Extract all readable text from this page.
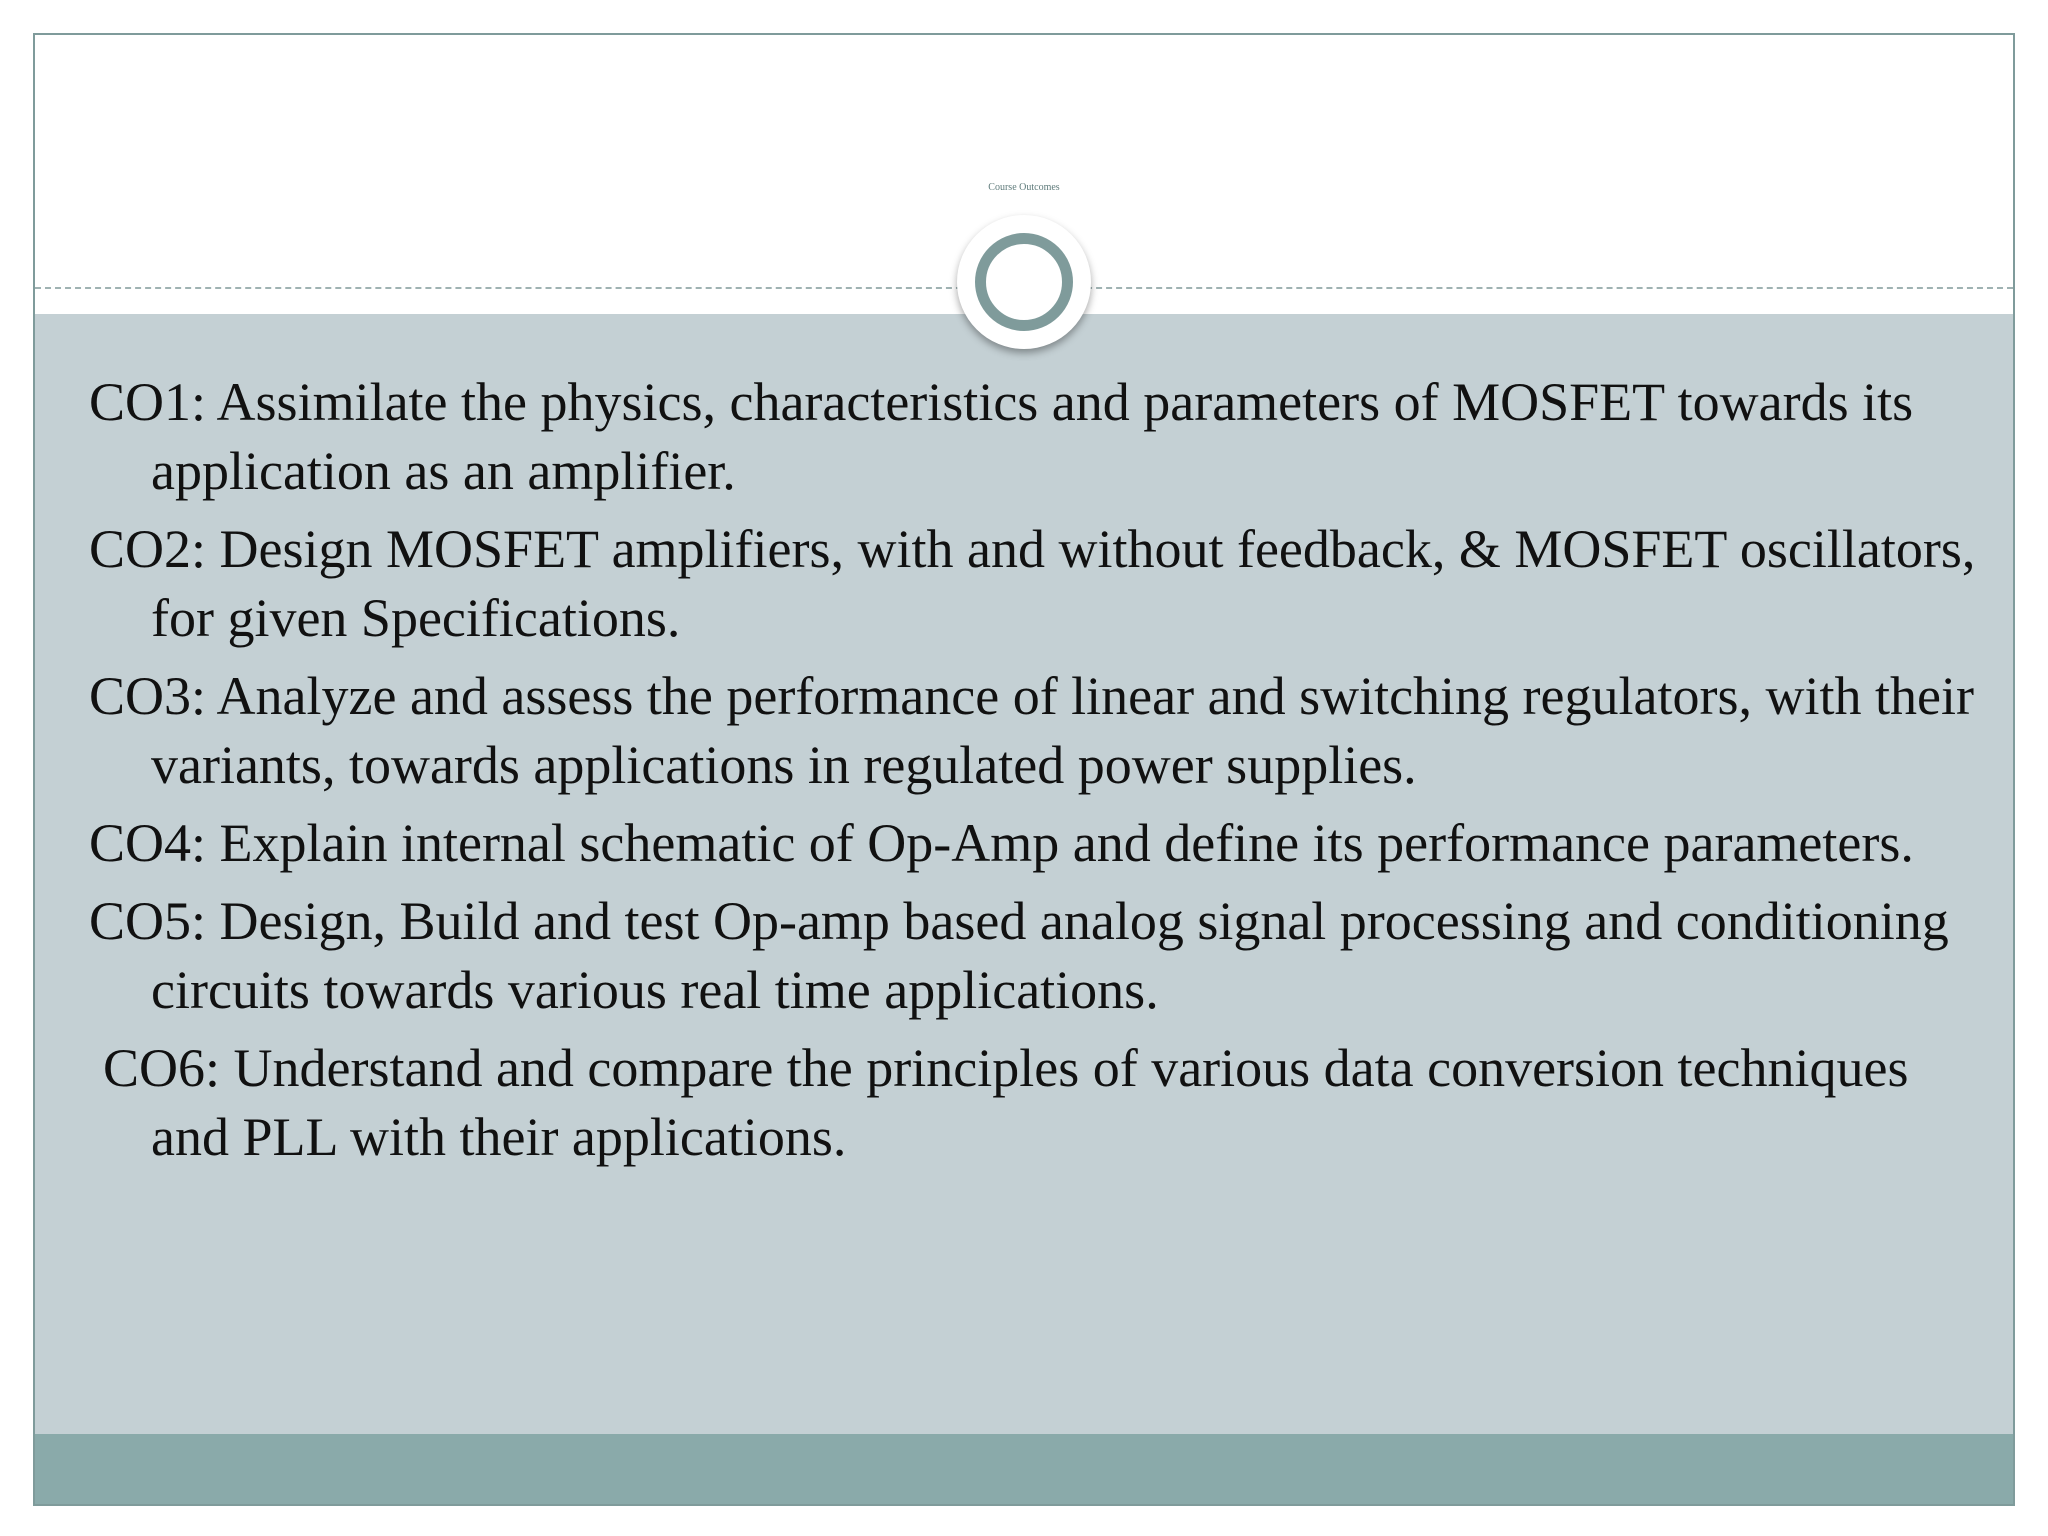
Course Outcomes
CO1: Assimilate the physics, characteristics and parameters of MOSFET towards its application as an amplifier.
CO2: Design MOSFET amplifiers, with and without feedback, & MOSFET oscillators, for given Specifications.
CO3: Analyze and assess the performance of linear and switching regulators, with their variants, towards applications in regulated power supplies.
CO4: Explain internal schematic of Op-Amp and define its performance parameters.
CO5: Design, Build and test Op-amp based analog signal processing and conditioning circuits towards various real time applications.
CO6: Understand and compare the principles of various data conversion techniques and PLL with their applications.
